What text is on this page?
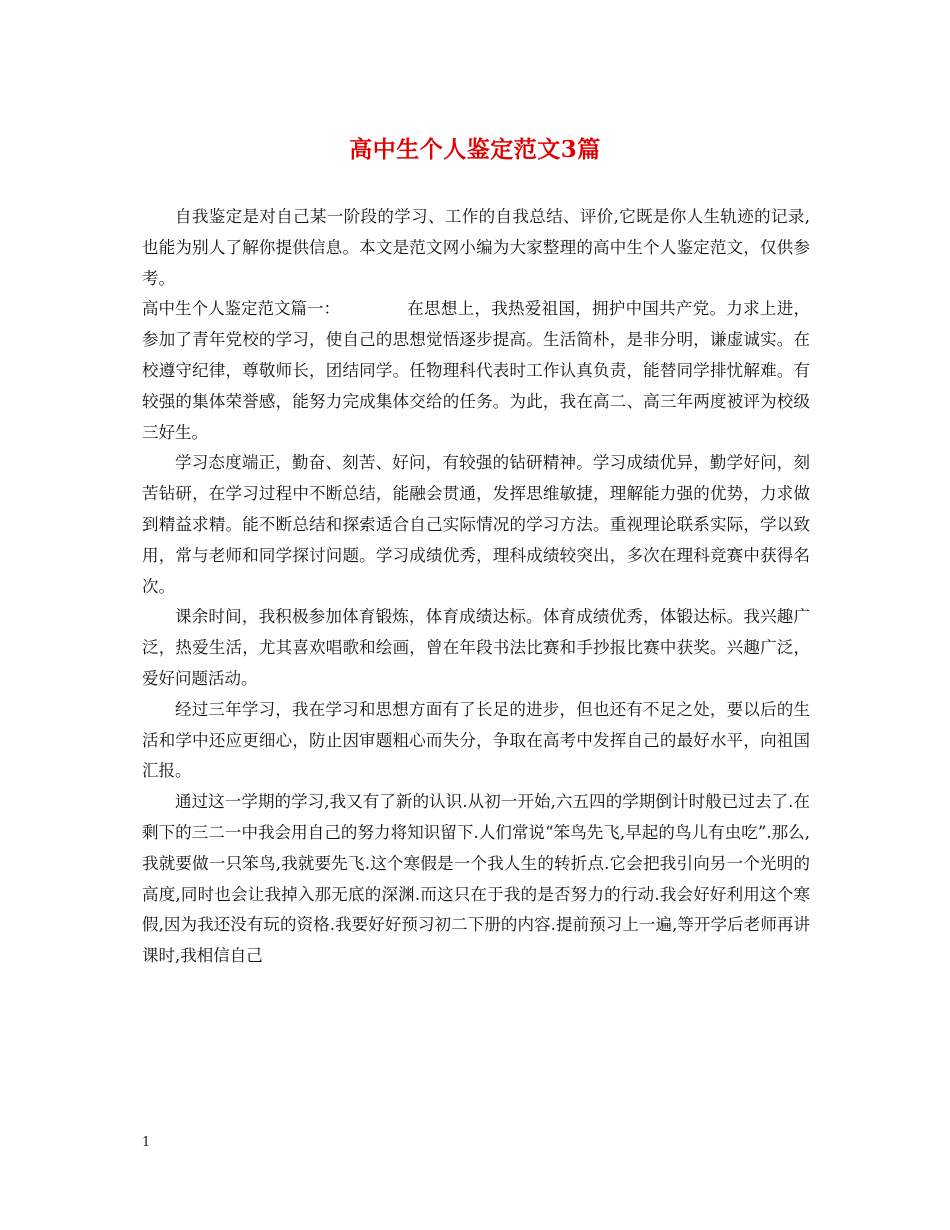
高中生个人鉴定范文3篇

自我鉴定是对自己某一阶段的学习、工作的自我总结、评价,它既是你人生轨迹的记录,也能为别人了解你提供信息。本文是范文网小编为大家整理的高中生个人鉴定范文，仅供参考。

高中生个人鉴定范文篇一：	在思想上，我热爱祖国，拥护中国共产党。力求上进，参加了青年党校的学习，使自己的思想觉悟逐步提高。生活简朴，是非分明，谦虚诚实。在校遵守纪律，尊敬师长，团结同学。任物理科代表时工作认真负责，能替同学排忧解难。有较强的集体荣誉感，能努力完成集体交给的任务。为此，我在高二、高三年两度被评为校级三好生。

学习态度端正，勤奋、刻苦、好问，有较强的钻研精神。学习成绩优异，勤学好问，刻苦钻研，在学习过程中不断总结，能融会贯通，发挥思维敏捷，理解能力强的优势，力求做到精益求精。能不断总结和探索适合自己实际情况的学习方法。重视理论联系实际，学以致用，常与老师和同学探讨问题。学习成绩优秀，理科成绩较突出，多次在理科竞赛中获得名次。

课余时间，我积极参加体育锻炼，体育成绩达标。体育成绩优秀，体锻达标。我兴趣广泛，热爱生活，尤其喜欢唱歌和绘画，曾在年段书法比赛和手抄报比赛中获奖。兴趣广泛，爱好问题活动。

经过三年学习，我在学习和思想方面有了长足的进步，但也还有不足之处，要以后的生活和学中还应更细心，防止因审题粗心而失分，争取在高考中发挥自己的最好水平，向祖国汇报。

通过这一学期的学习,我又有了新的认识.从初一开始,六五四的学期倒计时般已过去了.在剩下的三二一中我会用自己的努力将知识留下.人们常说“笨鸟先飞,早起的鸟儿有虫吃”.那么,我就要做一只笨鸟,我就要先飞.这个寒假是一个我人生的转折点.它会把我引向另一个光明的高度,同时也会让我掉入那无底的深渊.而这只在于我的是否努力的行动.我会好好利用这个寒假,因为我还没有玩的资格.我要好好预习初二下册的内容.提前预习上一遍,等开学后老师再讲课时,我相信自己

1
